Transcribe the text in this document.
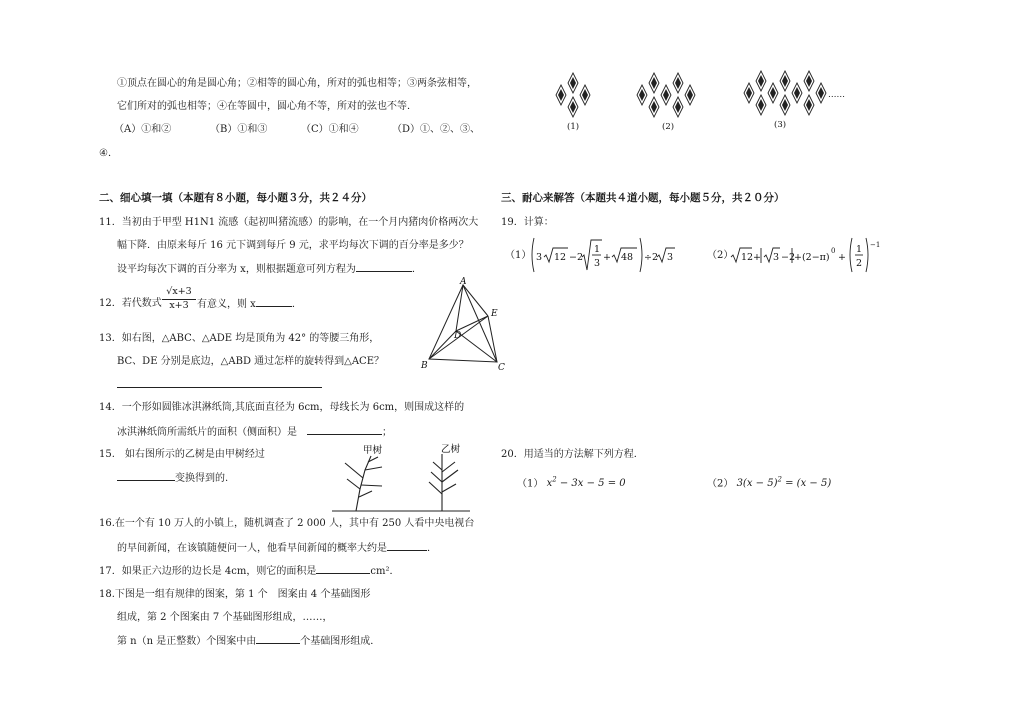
①顶点在圆心的角是圆心角；②相等的圆心角，所对的弧也相等；③两条弦相等，
它们所对的弧也相等；④在等圆中，圆心角不等，所对的弦也不等．
（A）①和②	（B）①和③	（C）①和④	（D）①、②、③、
④．
二、细心填一填（本题有８小题，每小题３分，共２４分）
11．当初由于甲型 H1N1 流感（起初叫猪流感）的影响，在一个月内猪肉价格两次大
幅下降．由原来每斤 16 元下调到每斤 9 元，求平均每次下调的百分率是多少？
设平均每次下调的百分率为 x，则根据题意可列方程为	．
12．若代数式 $\frac{√x+3}{x+3}$ 有意义，则 x	．
13．如右图，△ABC、△ADE 均是顶角为 42° 的等腰三角形，
BC、DE 分别是底边，△ABD 通过怎样的旋转得到△ACE？
14．一个形如圆锥冰淇淋纸筒,其底面直径为 6cm，母线长为 6cm，则围成这样的
冰淇淋纸筒所需纸片的面积（侧面积）是　	；
15.　如右图所示的乙树是由甲树经过
变换得到的.
16.在一个有 10 万人的小镇上，随机调查了 2 000 人，其中有 250 人看中央电视台
的早间新闻，在该镇随便问一人，他看早间新闻的概率大约是	．
17．如果正六边形的边长是 4cm，则它的面积是	cm²．
18.下图是一组有规律的图案，第 1 个　图案由 4 个基础图形
组成，第 2 个图案由 7 个基础图形组成，……，
第 n（n 是正整数）个图案中由	个基础图形组成．
A
B	C
D
E
甲树	乙树
(1)	(2)	(3)
……
三、耐心来解答（本题共４道小题，每小题５分，共２０分）
19．计算：
（1） 3 12 −2
1
3
+ 48 ÷2 3	（2） 12 + 3 −2
+(2−π)
0
+
1
2
−1
20．用适当的方法解下列方程．
（1） $x^2 - 3x - 5 = 0$	（2） $3(x - 5)^2 = (x - 5)$
